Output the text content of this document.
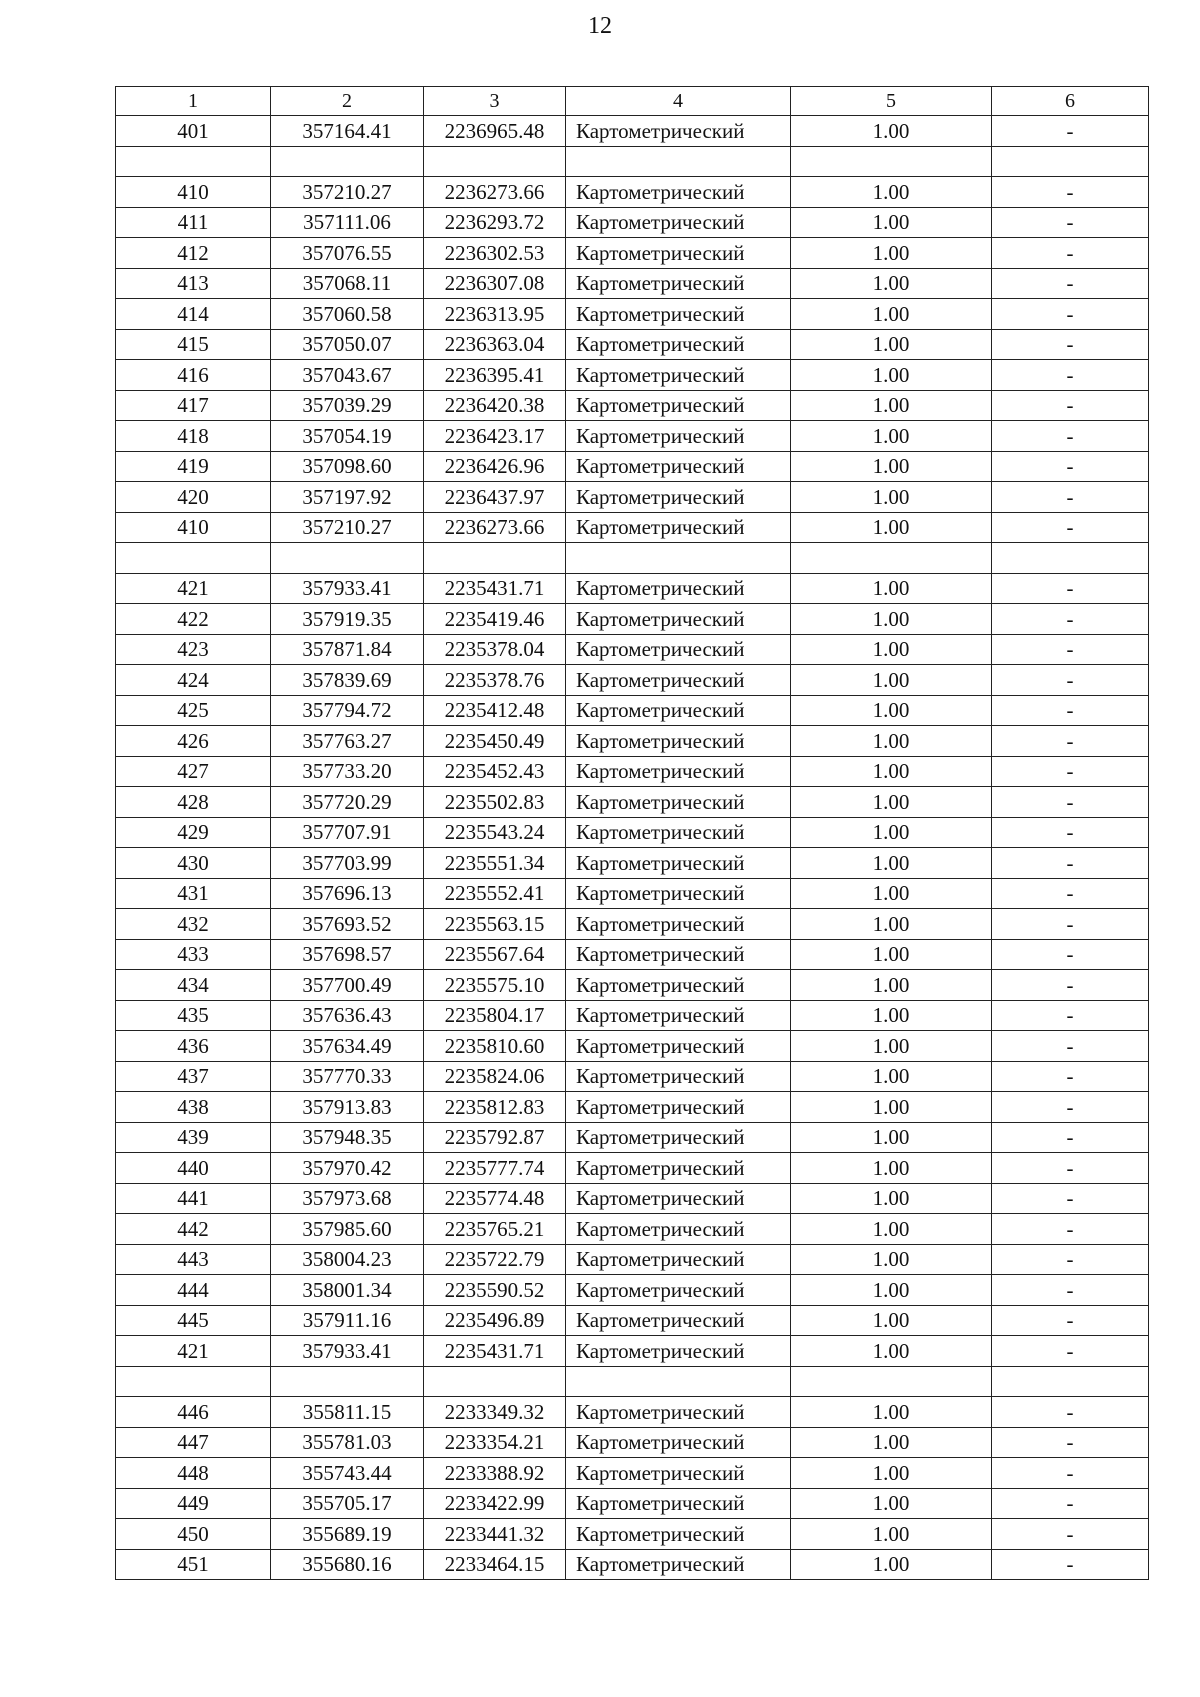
12
1	2	3	4	5	6
401	357164.41	2236965.48	Картометрический	1.00	-

410	357210.27	2236273.66	Картометрический	1.00	-
411	357111.06	2236293.72	Картометрический	1.00	-
412	357076.55	2236302.53	Картометрический	1.00	-
413	357068.11	2236307.08	Картометрический	1.00	-
414	357060.58	2236313.95	Картометрический	1.00	-
415	357050.07	2236363.04	Картометрический	1.00	-
416	357043.67	2236395.41	Картометрический	1.00	-
417	357039.29	2236420.38	Картометрический	1.00	-
418	357054.19	2236423.17	Картометрический	1.00	-
419	357098.60	2236426.96	Картометрический	1.00	-
420	357197.92	2236437.97	Картометрический	1.00	-
410	357210.27	2236273.66	Картометрический	1.00	-

421	357933.41	2235431.71	Картометрический	1.00	-
422	357919.35	2235419.46	Картометрический	1.00	-
423	357871.84	2235378.04	Картометрический	1.00	-
424	357839.69	2235378.76	Картометрический	1.00	-
425	357794.72	2235412.48	Картометрический	1.00	-
426	357763.27	2235450.49	Картометрический	1.00	-
427	357733.20	2235452.43	Картометрический	1.00	-
428	357720.29	2235502.83	Картометрический	1.00	-
429	357707.91	2235543.24	Картометрический	1.00	-
430	357703.99	2235551.34	Картометрический	1.00	-
431	357696.13	2235552.41	Картометрический	1.00	-
432	357693.52	2235563.15	Картометрический	1.00	-
433	357698.57	2235567.64	Картометрический	1.00	-
434	357700.49	2235575.10	Картометрический	1.00	-
435	357636.43	2235804.17	Картометрический	1.00	-
436	357634.49	2235810.60	Картометрический	1.00	-
437	357770.33	2235824.06	Картометрический	1.00	-
438	357913.83	2235812.83	Картометрический	1.00	-
439	357948.35	2235792.87	Картометрический	1.00	-
440	357970.42	2235777.74	Картометрический	1.00	-
441	357973.68	2235774.48	Картометрический	1.00	-
442	357985.60	2235765.21	Картометрический	1.00	-
443	358004.23	2235722.79	Картометрический	1.00	-
444	358001.34	2235590.52	Картометрический	1.00	-
445	357911.16	2235496.89	Картометрический	1.00	-
421	357933.41	2235431.71	Картометрический	1.00	-

446	355811.15	2233349.32	Картометрический	1.00	-
447	355781.03	2233354.21	Картометрический	1.00	-
448	355743.44	2233388.92	Картометрический	1.00	-
449	355705.17	2233422.99	Картометрический	1.00	-
450	355689.19	2233441.32	Картометрический	1.00	-
451	355680.16	2233464.15	Картометрический	1.00	-
